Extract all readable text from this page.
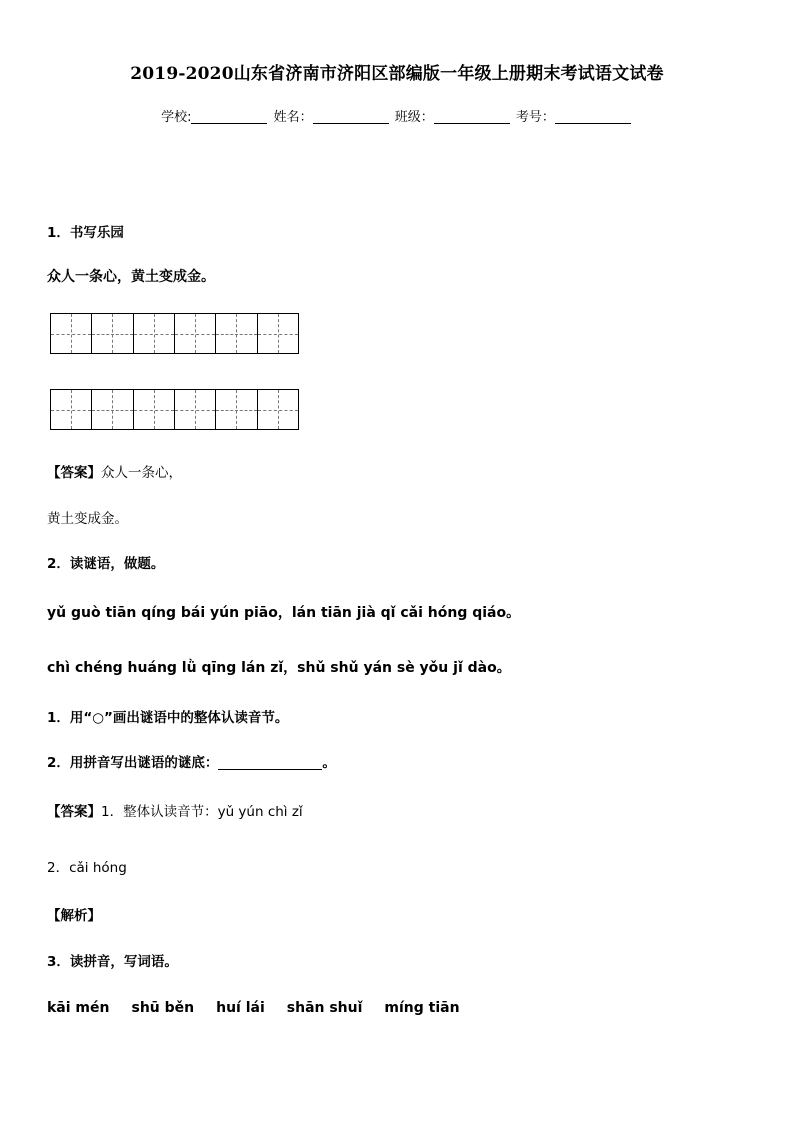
2019-2020山东省济南市济阳区部编版一年级上册期末考试语文试卷
学校:	姓名：	班级：	考号：
1．书写乐园
众人一条心，黄土变成金。
【答案】众人一条心，
黄土变成金。
2．读谜语，做题。
yǔ guò tiān qíng bái yún piāo，lán tiān jià qǐ cǎi hóng qiáo。
chì chéng huáng lǜ qīng lán zǐ，shǔ shǔ yán sè yǒu jǐ dào。
1．用“○”画出谜语中的整体认读音节。
2．用拼音写出谜语的谜底：	。
【答案】1．整体认读音节：yǔ yún chì zǐ
2．cǎi hóng
【解析】
3．读拼音，写词语。
kāi mén shū běn huí lái shān shuǐ míng tiān
